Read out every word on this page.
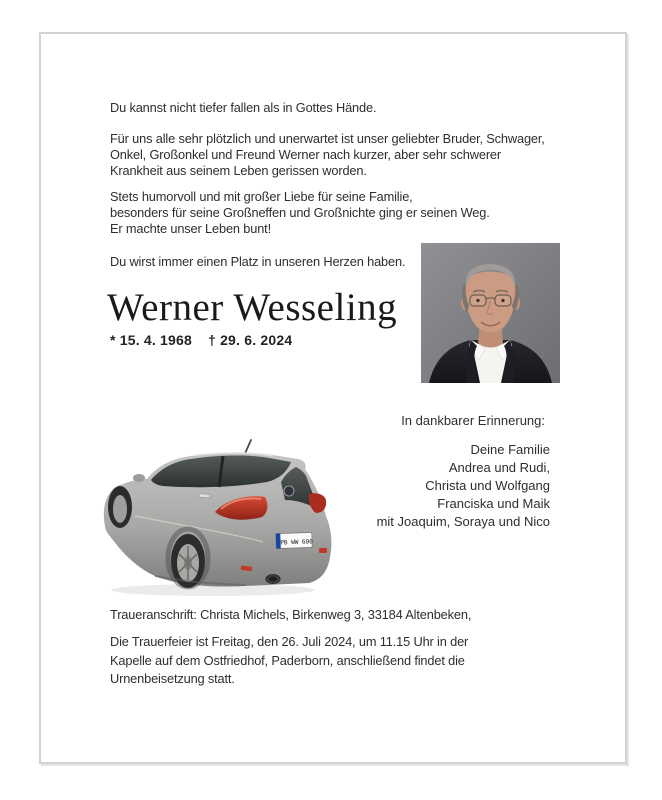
Du kannst nicht tiefer fallen als in Gottes Hände.
Für uns alle sehr plötzlich und unerwartet ist unser geliebter Bruder, Schwager,
Onkel, Großonkel und Freund Werner nach kurzer, aber sehr schwerer
Krankheit aus seinem Leben gerissen worden.
Stets humorvoll und mit großer Liebe für seine Familie,
besonders für seine Großneffen und Großnichte ging er seinen Weg.
Er machte unser Leben bunt!
Du wirst immer einen Platz in unseren Herzen haben.
Werner Wesseling
* 15. 4. 1968 † 29. 6. 2024
In dankbarer Erinnerung:
Deine Familie
Andrea und Rudi,
Christa und Wolfgang
Franciska und Maik
mit Joaquim, Soraya und Nico
PB WW 600
Traueranschrift: Christa Michels, Birkenweg 3, 33184 Altenbeken,
Die Trauerfeier ist Freitag, den 26. Juli 2024, um 11.15 Uhr in der
Kapelle auf dem Ostfriedhof, Paderborn, anschließend findet die
Urnenbeisetzung statt.
